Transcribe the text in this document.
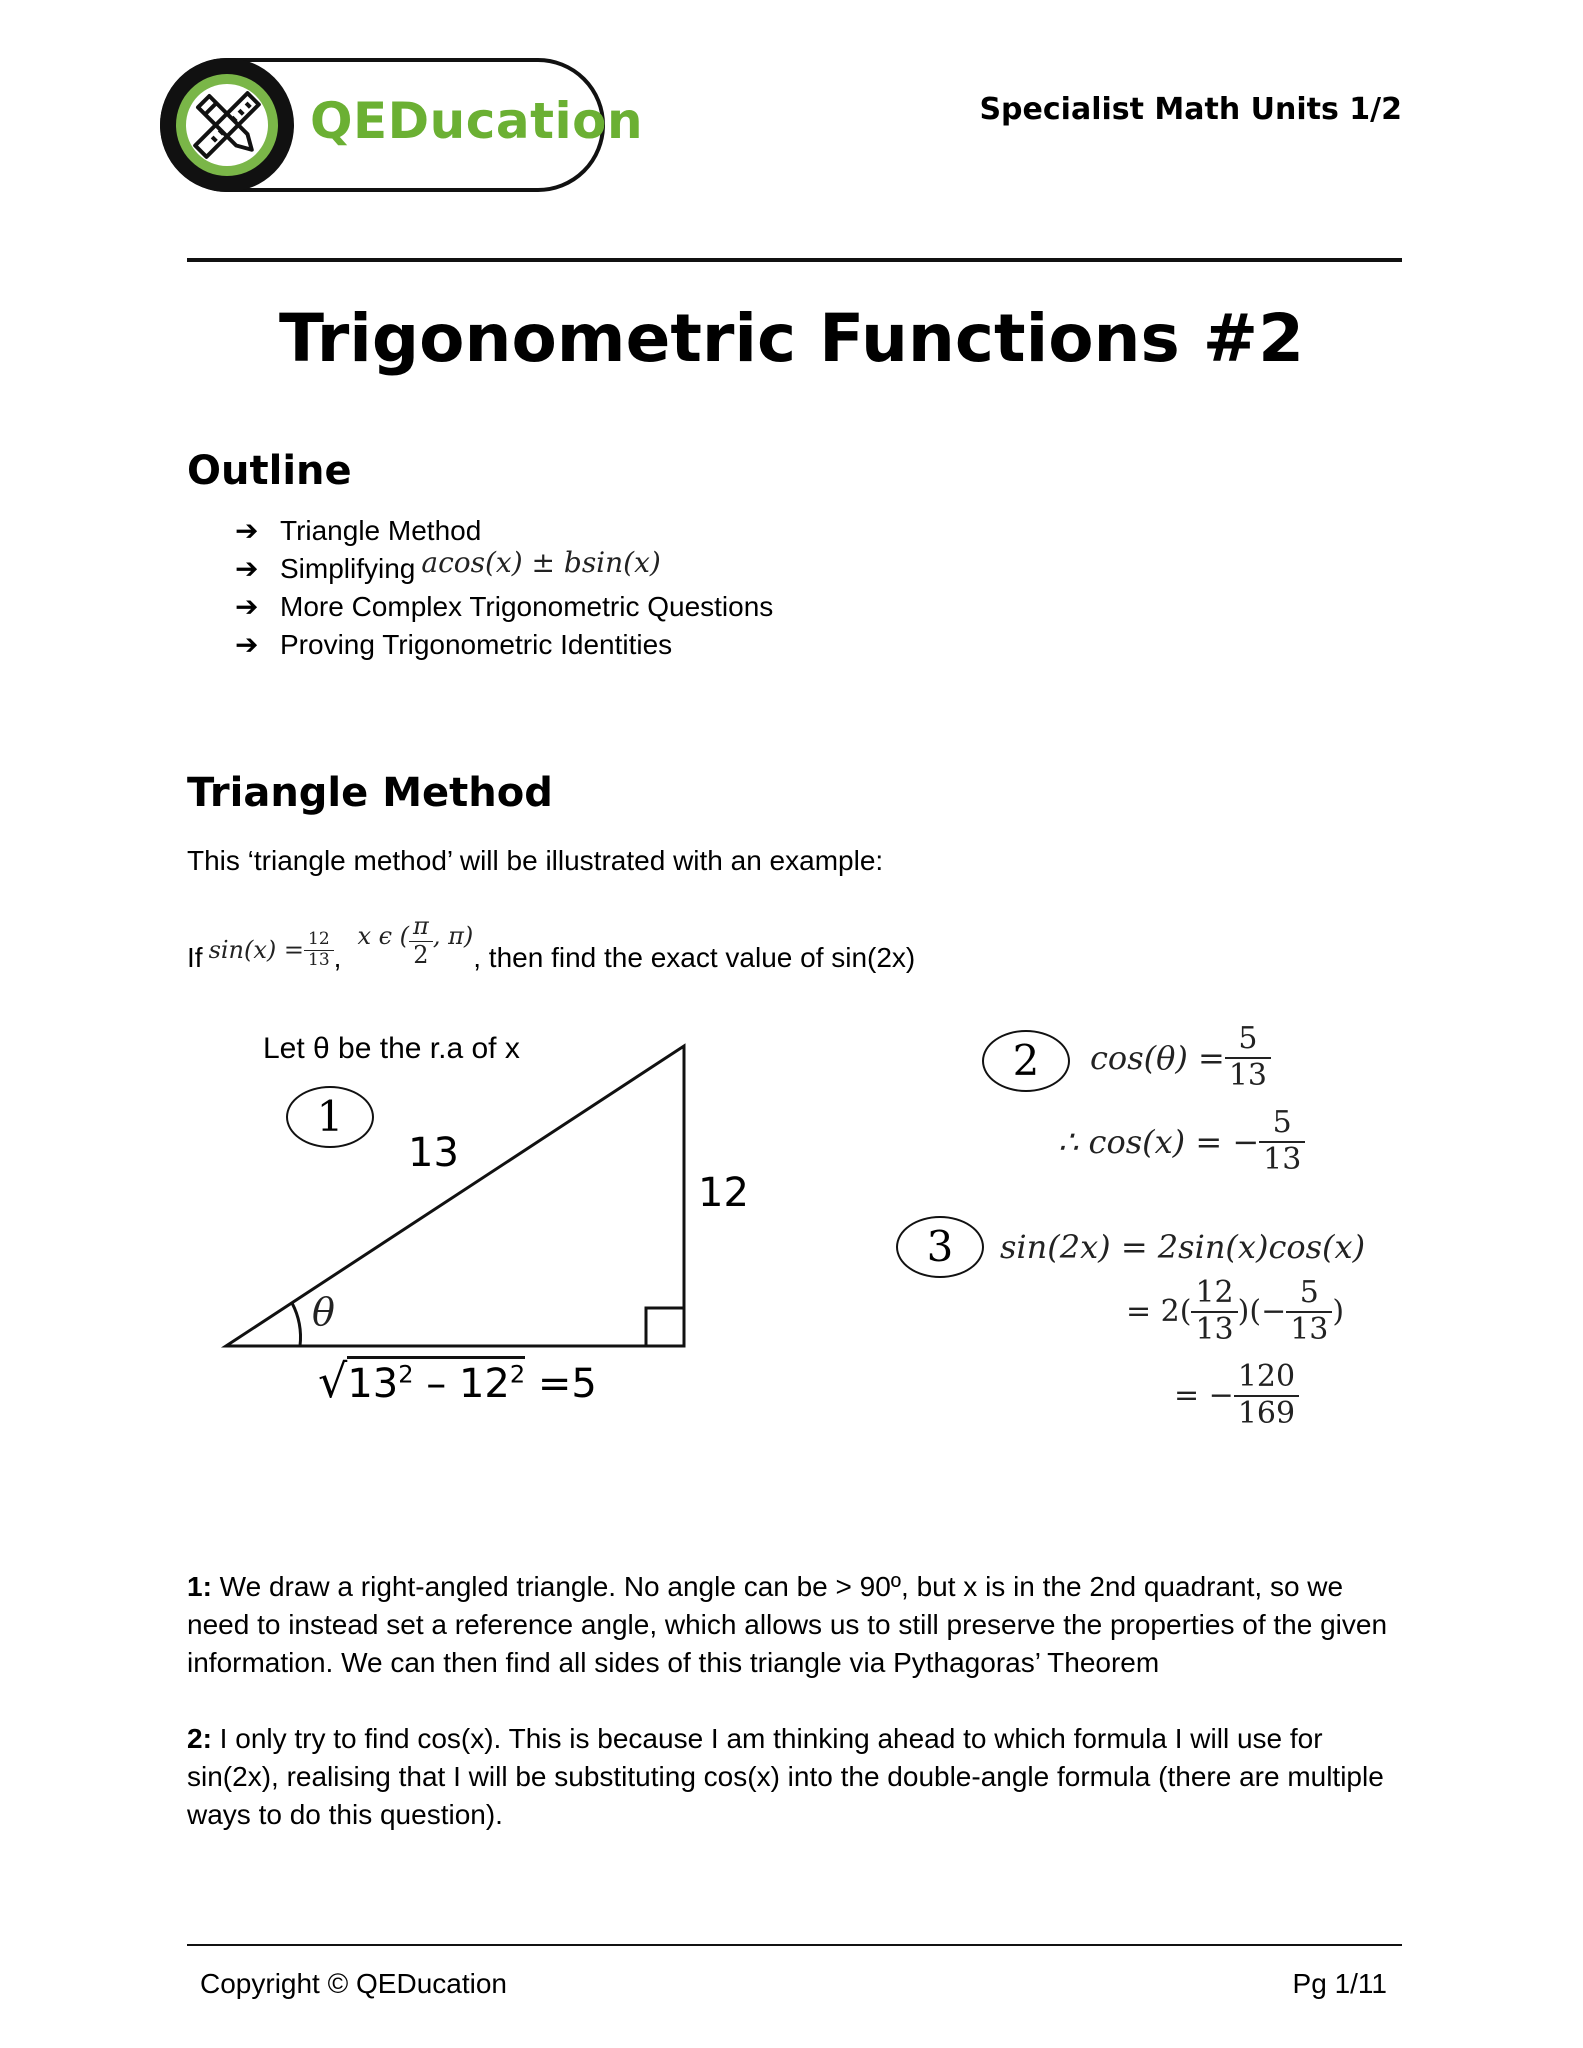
QEDucation	Specialist Math Units 1/2
Trigonometric Functions #2
Outline
➔ Triangle Method
➔ Simplifying acos(x) ± bsin(x)
➔ More Complex Trigonometric Questions
➔ Proving Trigonometric Identities
Triangle Method
This ‘triangle method’ will be illustrated with an example:
If $\sin(x) = \frac{12}{13}$ ,
x ϵ ( $\frac{\pi}{2}$ , π)
, then find the exact value of sin(2x)
Let θ be the r.a of x
1
13
12
θ
$√13^2 - 12^2 =5$
2	$\cos(\theta) = \frac{5}{13}$
∴ cos(x) = − $\frac{5}{13}$
3	sin(2x) = 2sin(x)cos(x)
= $2( \frac{12}{13}$ )(− $\frac{5}{13}$ )
= − $\frac{120}{169}$
1: We draw a right-angled triangle. No angle can be > 90º, but x is in the 2nd quadrant, so we need to instead set a reference angle, which allows us to still preserve the properties of the given information. We can then find all sides of this triangle via Pythagoras’ Theorem
2: I only try to find cos(x). This is because I am thinking ahead to which formula I will use for sin(2x), realising that I will be substituting cos(x) into the double-angle formula (there are multiple ways to do this question).
Copyright © QEDucation	Pg 1/11
